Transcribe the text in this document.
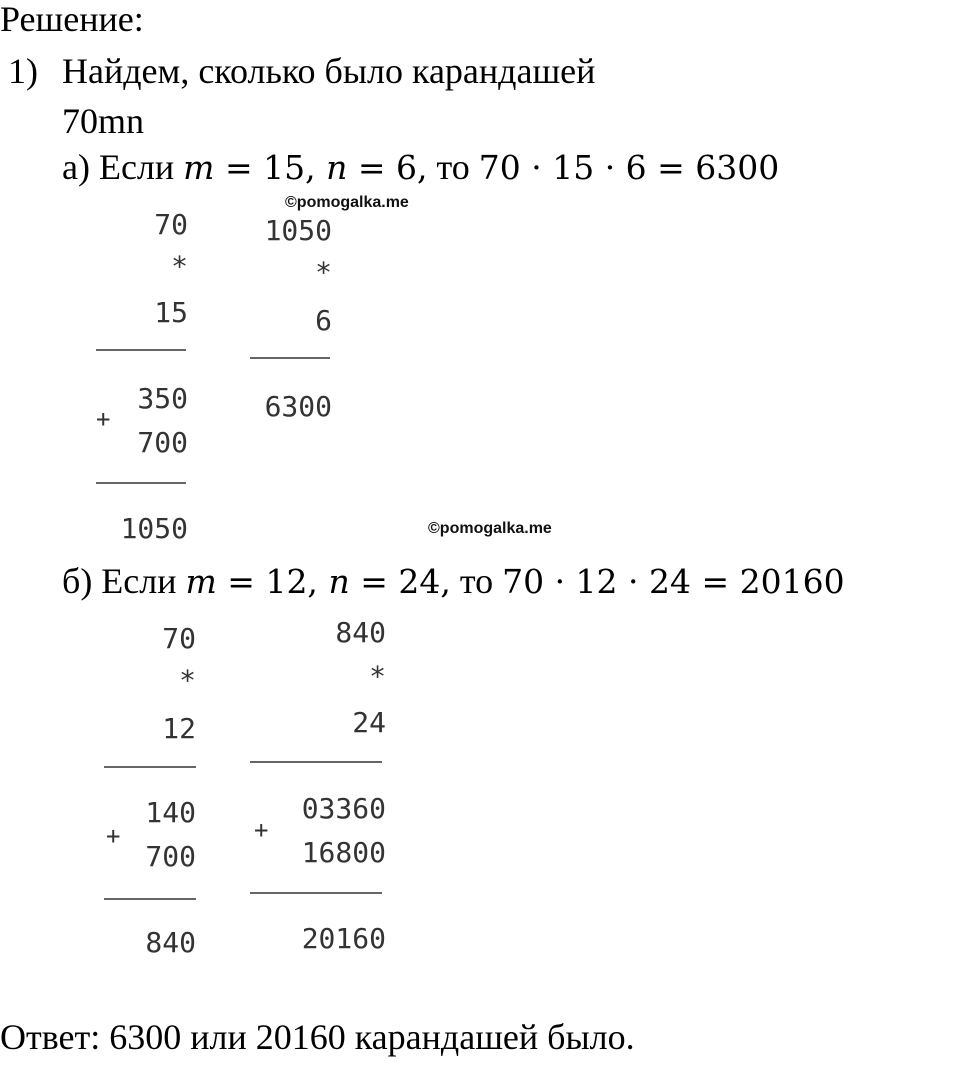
Решение:
1) Найдем, сколько было карандашей
70mn
а) Если m = 15, n = 6, то 70 · 15 · 6 = 6300
©pomogalka.me
70
*
15
+
350
700
1050
1050
*
6
6300
©pomogalka.me
б) Если m = 12, n = 24, то 70 · 12 · 24 = 20160
70
*
12
+
140
700
840
840
*
24
+
03360
16800
20160
Ответ: 6300 или 20160 карандашей было.
